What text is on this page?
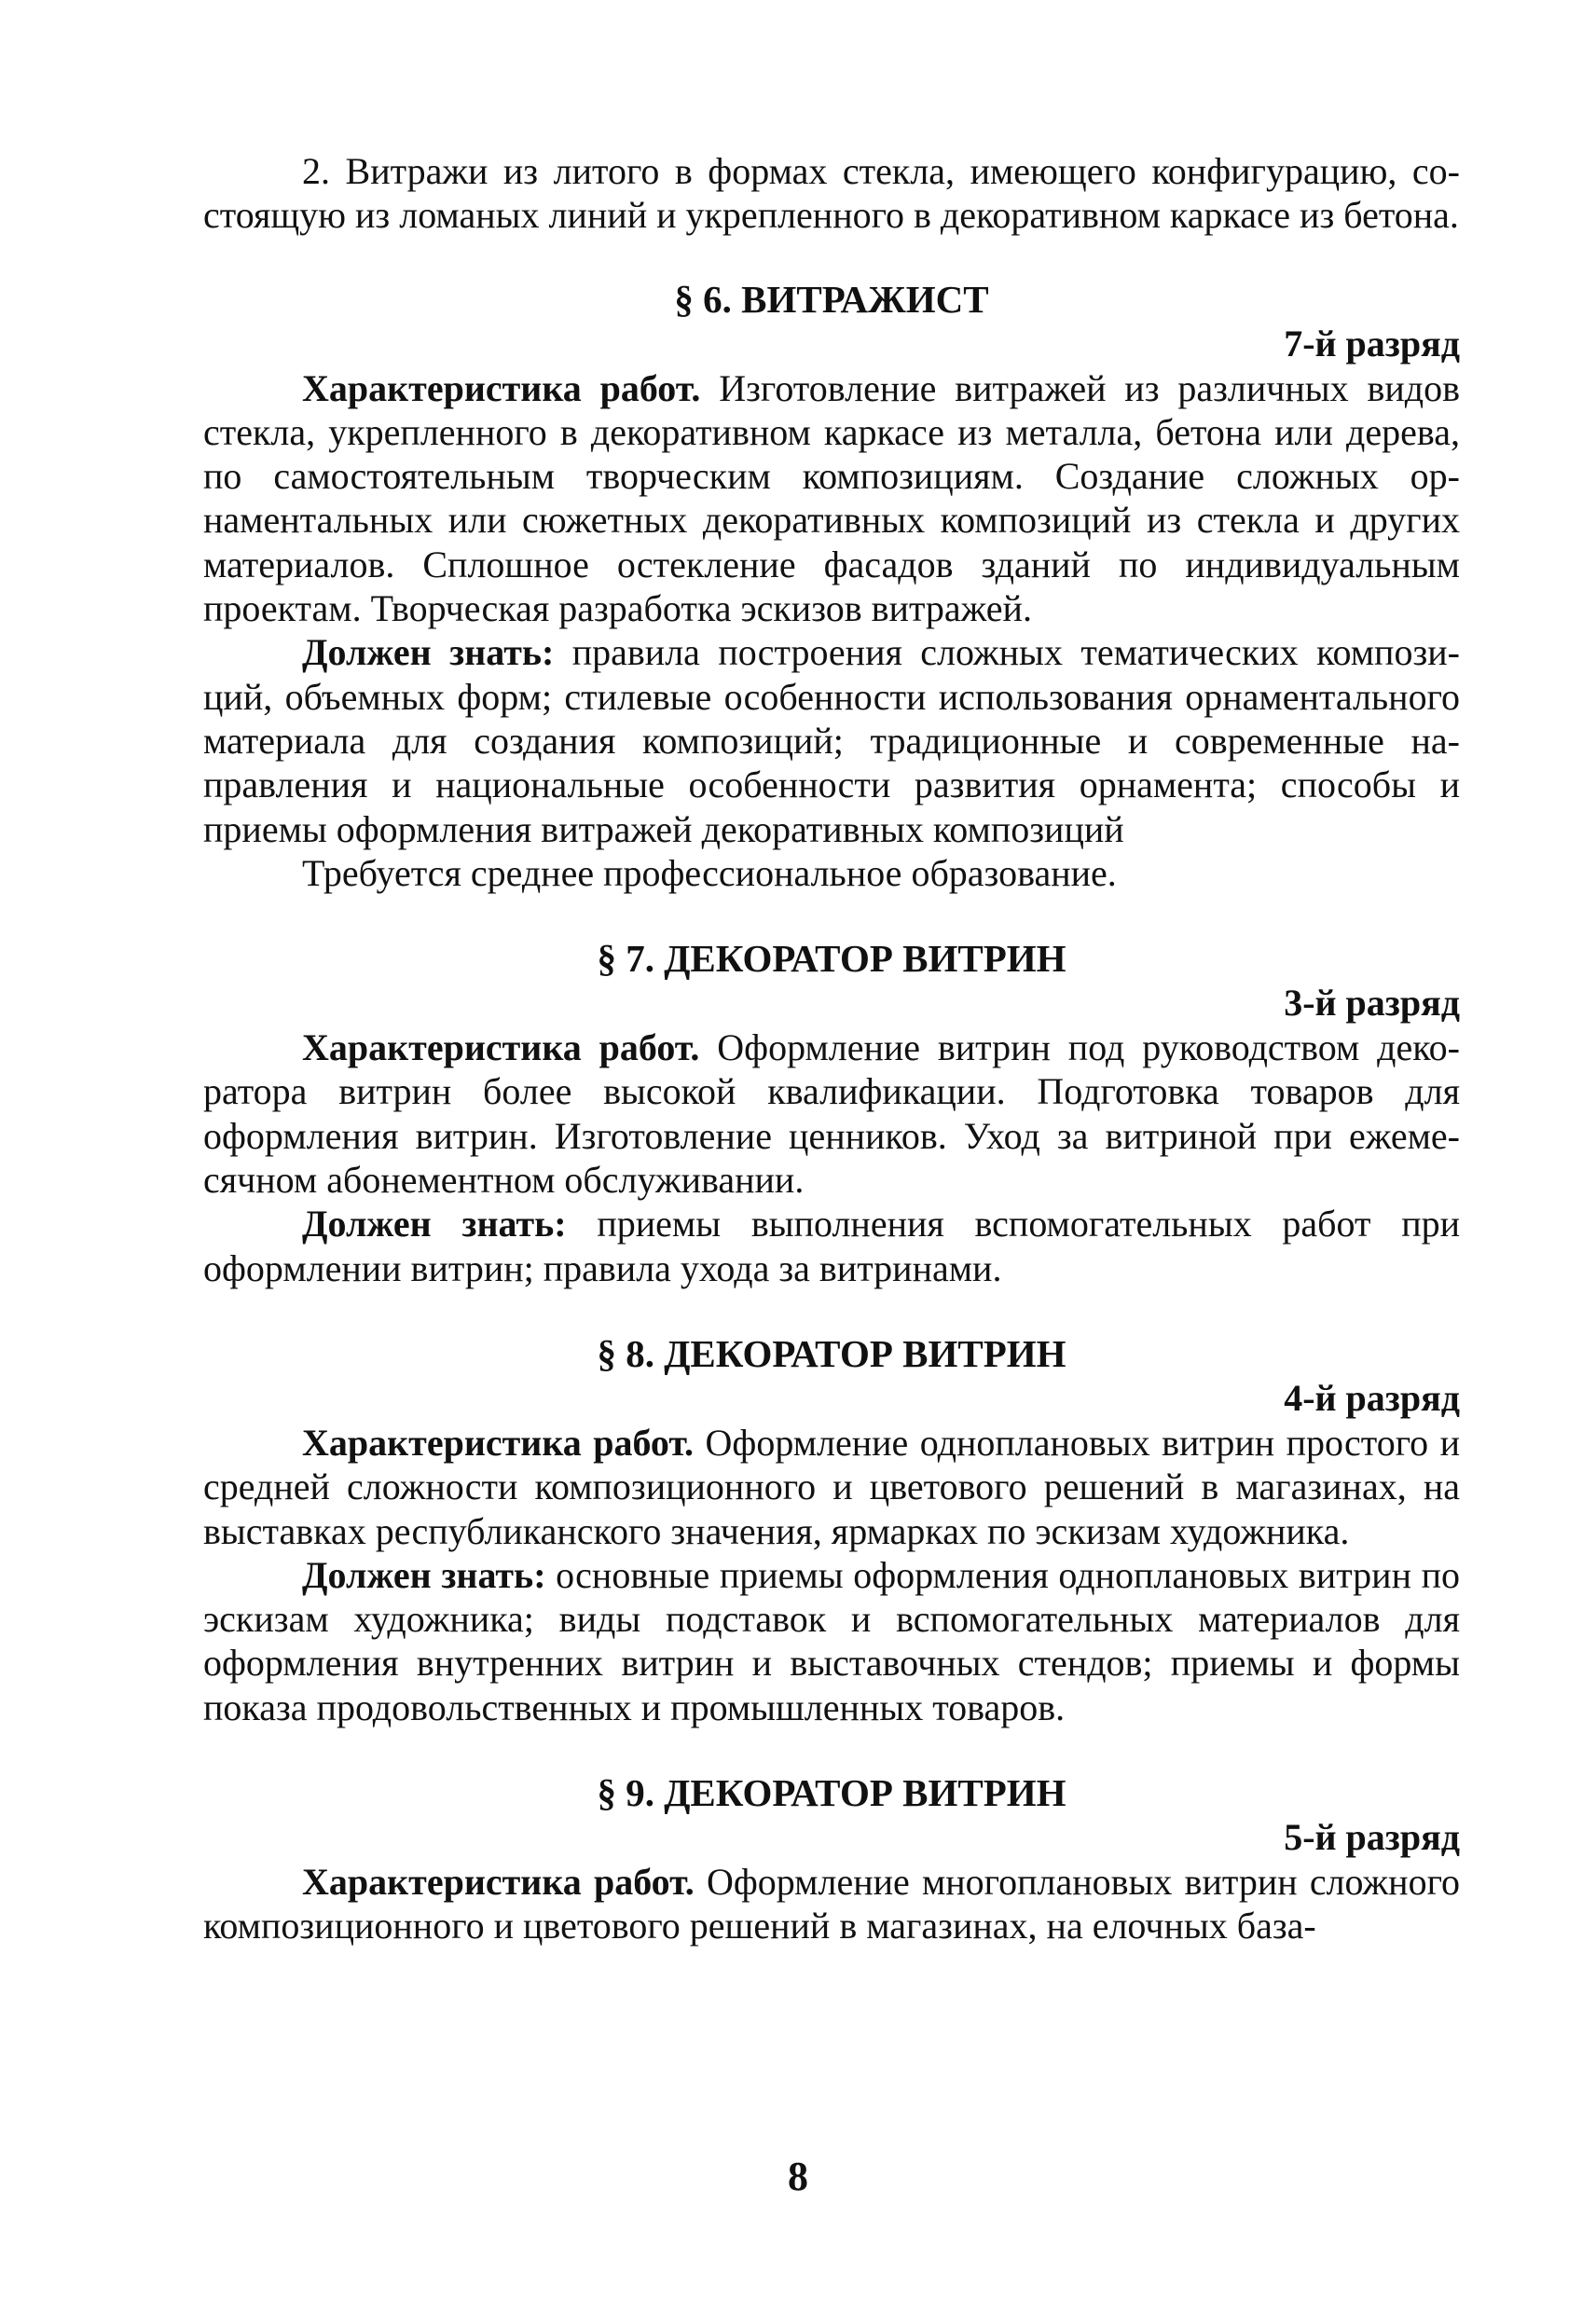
2. Витражи из литого в формах стекла, имеющего конфигурацию, состоящую из ломаных линий и укрепленного в декоративном каркасе из бетона.

§ 6. ВИТРАЖИСТ
7-й разряд

Характеристика работ. Изготовление витражей из различных видов стекла, укрепленного в декоративном каркасе из металла, бетона или дерева, по самостоятельным творческим композициям. Создание сложных орнаментальных или сюжетных декоративных композиций из стекла и других материалов. Сплошное остекление фасадов зданий по индивидуальным проектам. Творческая разработка эскизов витражей.

Должен знать: правила построения сложных тематических композиций, объемных форм; стилевые особенности использования орнаментального материала для создания композиций; традиционные и современные направления и национальные особенности развития орнамента; способы и приемы оформления витражей декоративных композиций

Требуется среднее профессиональное образование.

§ 7. ДЕКОРАТОР ВИТРИН
3-й разряд

Характеристика работ. Оформление витрин под руководством декоратора витрин более высокой квалификации. Подготовка товаров для оформления витрин. Изготовление ценников. Уход за витриной при ежемесячном абонементном обслуживании.

Должен знать: приемы выполнения вспомогательных работ при оформлении витрин; правила ухода за витринами.

§ 8. ДЕКОРАТОР ВИТРИН
4-й разряд

Характеристика работ. Оформление одноплановых витрин простого и средней сложности композиционного и цветового решений в магазинах, на выставках республиканского значения, ярмарках по эскизам художника.

Должен знать: основные приемы оформления одноплановых витрин по эскизам художника; виды подставок и вспомогательных материалов для оформления внутренних витрин и выставочных стендов; приемы и формы показа продовольственных и промышленных товаров.

§ 9. ДЕКОРАТОР ВИТРИН
5-й разряд

Характеристика работ. Оформление многоплановых витрин сложного композиционного и цветового решений в магазинах, на елочных база-

8
